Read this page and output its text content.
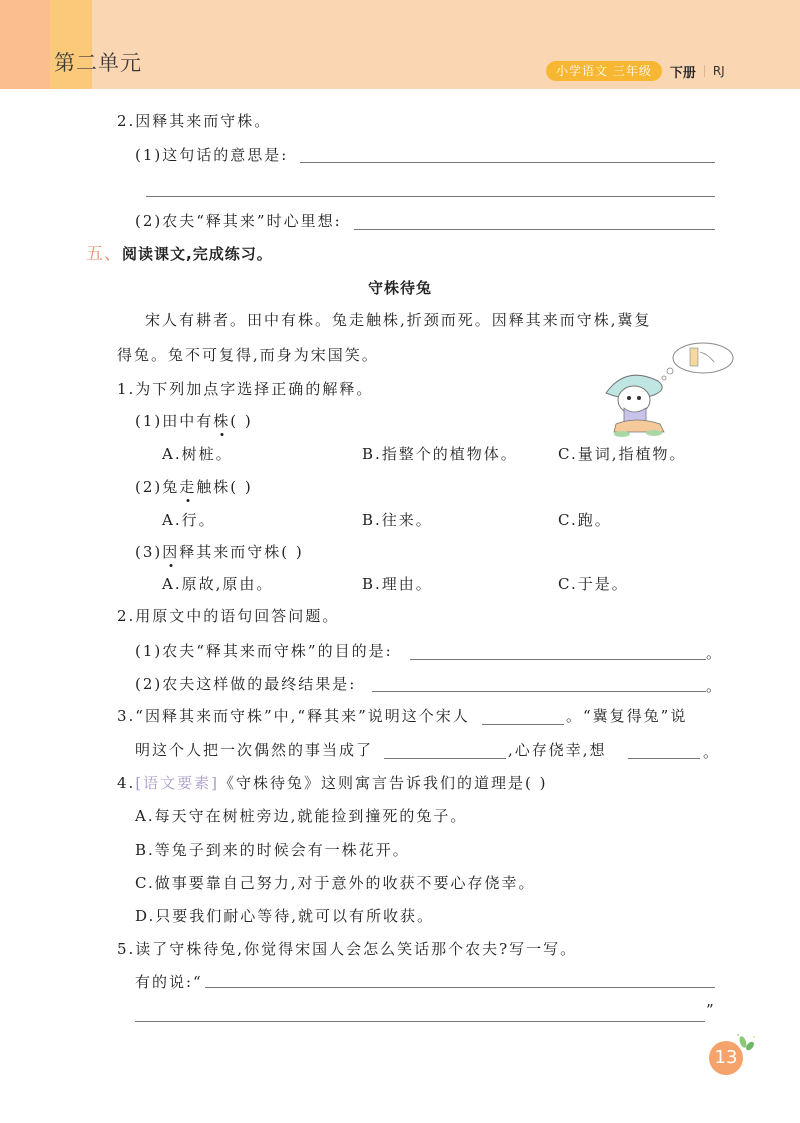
第二单元	小学语文 三年级	下册 RJ
2.因释其来而守株。
(1)这句话的意思是:
(2)农夫“释其来”时心里想:
五、阅读课文,完成练习。
守株待兔
宋人有耕者。田中有株。兔走触株,折颈而死。因释其来而守株,冀复
得兔。兔不可复得,而身为宋国笑。
1.为下列加点字选择正确的解释。
(1)田中有株( )
A.树桩。	B.指整个的植物体。	C.量词,指植物。
(2)兔走触株( )
A.行。	B.往来。	C.跑。
(3)因释其来而守株( )
A.原故,原由。	B.理由。	C.于是。
2.用原文中的语句回答问题。
(1)农夫“释其来而守株”的目的是:	。
(2)农夫这样做的最终结果是:	。
3.“因释其来而守株”中,“释其来”说明这个宋人	。“冀复得兔”说
明这个人把一次偶然的事当成了	,心存侥幸,想	。
4.[语文要素]《守株待兔》这则寓言告诉我们的道理是( )
A.每天守在树桩旁边,就能捡到撞死的兔子。
B.等兔子到来的时候会有一株花开。
C.做事要靠自己努力,对于意外的收获不要心存侥幸。
D.只要我们耐心等待,就可以有所收获。
5.读了守株待兔,你觉得宋国人会怎么笑话那个农夫?写一写。
有的说:“
”
13
